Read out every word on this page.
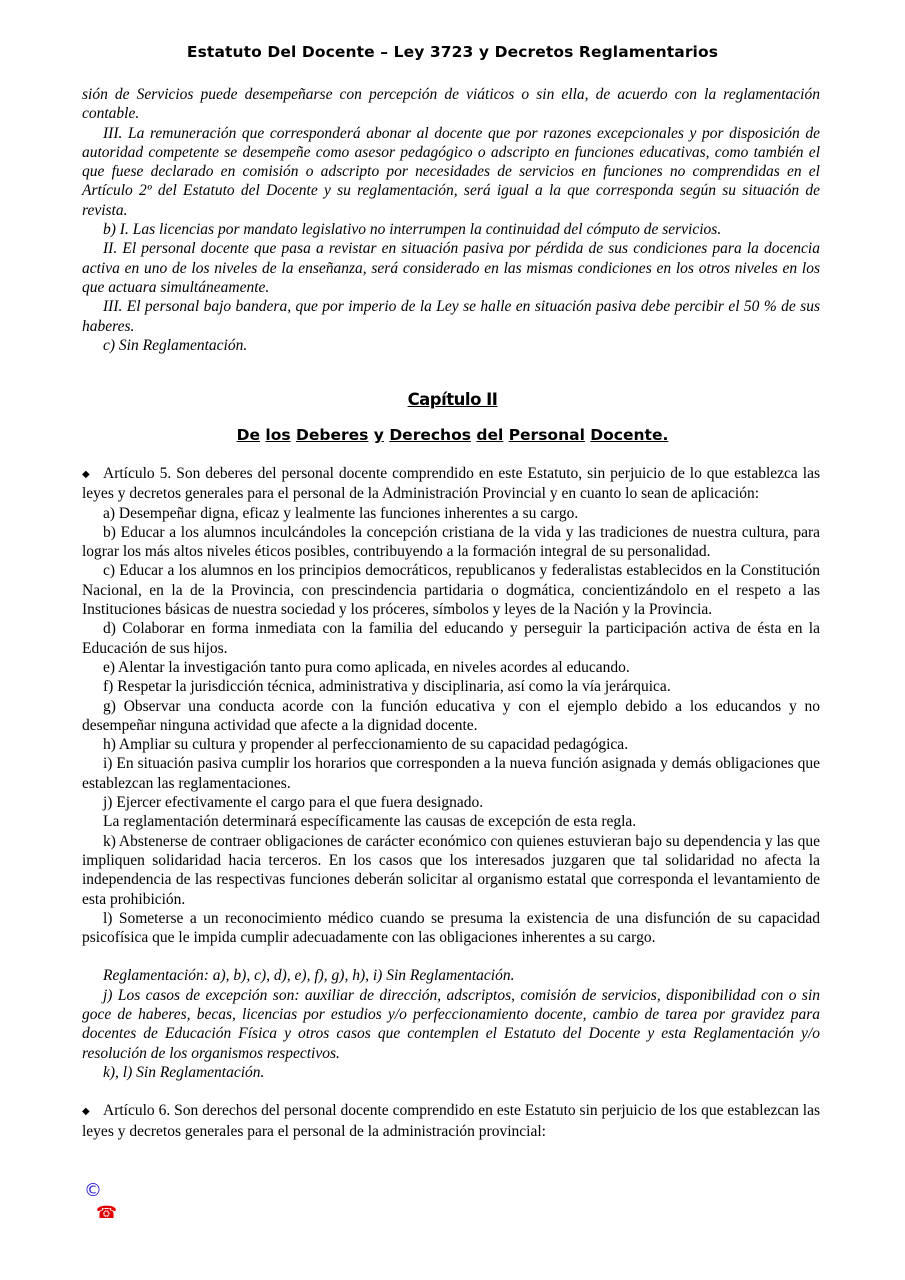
Estatuto Del Docente – Ley 3723 y Decretos Reglamentarios

sión de Servicios puede desempeñarse con percepción de viáticos o sin ella, de acuerdo con la reglamentación contable.

III. La remuneración que corresponderá abonar al docente que por razones excepcionales y por disposición de autoridad competente se desempeñe como asesor pedagógico o adscripto en funciones educativas, como también el que fuese declarado en comisión o adscripto por necesidades de servicios en funciones no comprendidas en el Artículo 2º del Estatuto del Docente y su reglamentación, será igual a la que corresponda según su situación de revista.

b) I. Las licencias por mandato legislativo no interrumpen la continuidad del cómputo de servicios.

II. El personal docente que pasa a revistar en situación pasiva por pérdida de sus condiciones para la docencia activa en uno de los niveles de la enseñanza, será considerado en las mismas condiciones en los otros niveles en los que actuara simultáneamente.

III. El personal bajo bandera, que por imperio de la Ley se halle en situación pasiva debe percibir el 50 % de sus haberes.

c) Sin Reglamentación.

Capítulo II
De los Deberes y Derechos del Personal Docente.

◆ Artículo 5. Son deberes del personal docente comprendido en este Estatuto, sin perjuicio de lo que establezca las leyes y decretos generales para el personal de la Administración Provincial y en cuanto lo sean de aplicación:

a) Desempeñar digna, eficaz y lealmente las funciones inherentes a su cargo.

b) Educar a los alumnos inculcándoles la concepción cristiana de la vida y las tradiciones de nuestra cultura, para lograr los más altos niveles éticos posibles, contribuyendo a la formación integral de su personalidad.

c) Educar a los alumnos en los principios democráticos, republicanos y federalistas establecidos en la Constitución Nacional, en la de la Provincia, con prescindencia partidaria o dogmática, concientizándolo en el respeto a las Instituciones básicas de nuestra sociedad y los próceres, símbolos y leyes de la Nación y la Provincia.

d) Colaborar en forma inmediata con la familia del educando y perseguir la participación activa de ésta en la Educación de sus hijos.

e) Alentar la investigación tanto pura como aplicada, en niveles acordes al educando.

f) Respetar la jurisdicción técnica, administrativa y disciplinaria, así como la vía jerárquica.

g) Observar una conducta acorde con la función educativa y con el ejemplo debido a los educandos y no desempeñar ninguna actividad que afecte a la dignidad docente.

h) Ampliar su cultura y propender al perfeccionamiento de su capacidad pedagógica.

i) En situación pasiva cumplir los horarios que corresponden a la nueva función asignada y demás obligaciones que establezcan las reglamentaciones.

j) Ejercer efectivamente el cargo para el que fuera designado.

La reglamentación determinará específicamente las causas de excepción de esta regla.

k) Abstenerse de contraer obligaciones de carácter económico con quienes estuvieran bajo su dependencia y las que impliquen solidaridad hacia terceros. En los casos que los interesados juzgaren que tal solidaridad no afecta la independencia de las respectivas funciones deberán solicitar al organismo estatal que corresponda el levantamiento de esta prohibición.

l) Someterse a un reconocimiento médico cuando se presuma la existencia de una disfunción de su capacidad psicofísica que le impida cumplir adecuadamente con las obligaciones inherentes a su cargo.

Reglamentación: a), b), c), d), e), f), g), h), i) Sin Reglamentación.

j) Los casos de excepción son: auxiliar de dirección, adscriptos, comisión de servicios, disponibilidad con o sin goce de haberes, becas, licencias por estudios y/o perfeccionamiento docente, cambio de tarea por gravidez para docentes de Educación Física y otros casos que contemplen el Estatuto del Docente y esta Reglamentación y/o resolución de los organismos respectivos.

k), l) Sin Reglamentación.

◆ Artículo 6. Son derechos del personal docente comprendido en este Estatuto sin perjuicio de los que establezcan las leyes y decretos generales para el personal de la administración provincial:

©
☎
